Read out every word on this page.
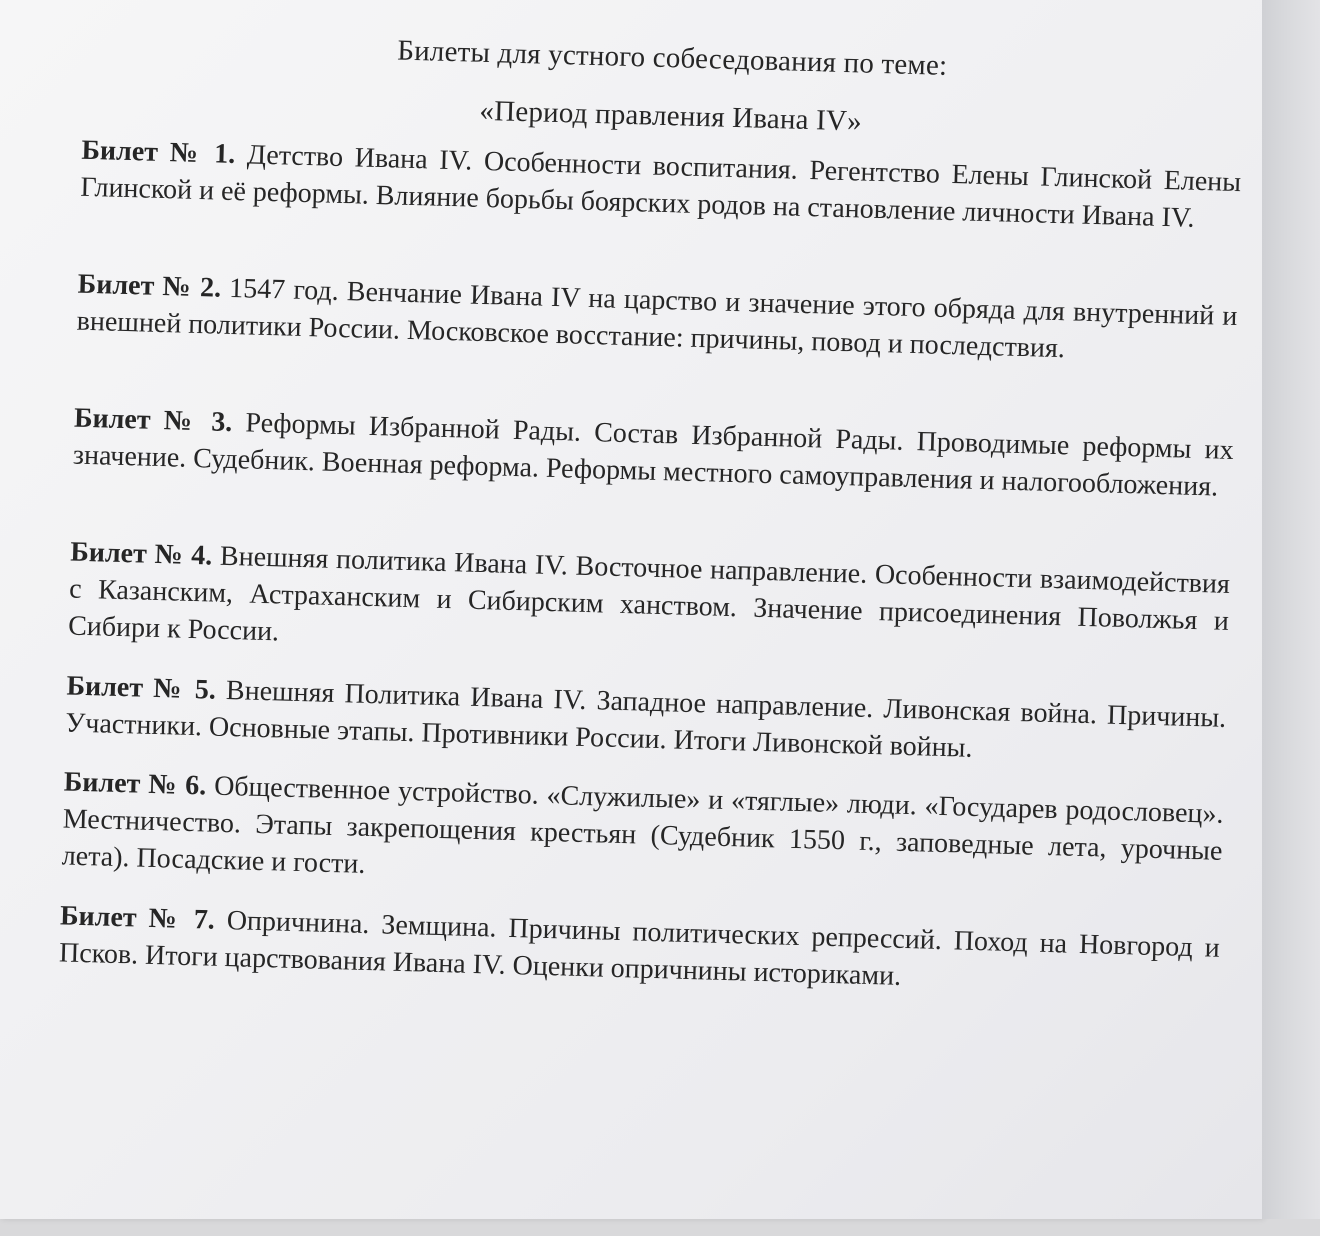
Билеты для устного собеседования по теме:
«Период правления Ивана IV»
Билет № 1. Детство Ивана IV. Особенности воспитания. Регентство Елены Глинской Елены Глинской и её реформы. Влияние борьбы боярских родов на становление личности Ивана IV.
Билет № 2. 1547 год. Венчание Ивана IV на царство и значение этого обряда для внутренний и внешней политики России. Московское восстание: причины, повод и последствия.
Билет № 3. Реформы Избранной Рады. Состав Избранной Рады. Проводимые реформы их значение. Судебник. Военная реформа. Реформы местного самоуправления и налогообложения.
Билет № 4. Внешняя политика Ивана IV. Восточное направление. Особенности взаимодействия с Казанским, Астраханским и Сибирским ханством. Значение присоединения Поволжья и Сибири к России.
Билет № 5. Внешняя Политика Ивана IV. Западное направление. Ливонская война. Причины. Участники. Основные этапы. Противники России. Итоги Ливонской войны.
Билет № 6. Общественное устройство. «Служилые» и «тяглые» люди. «Государев родословец». Местничество. Этапы закрепощения крестьян (Судебник 1550 г., заповедные лета, урочные лета). Посадские и гости.
Билет № 7. Опричнина. Земщина. Причины политических репрессий. Поход на Новгород и Псков. Итоги царствования Ивана IV. Оценки опричнины историками.
